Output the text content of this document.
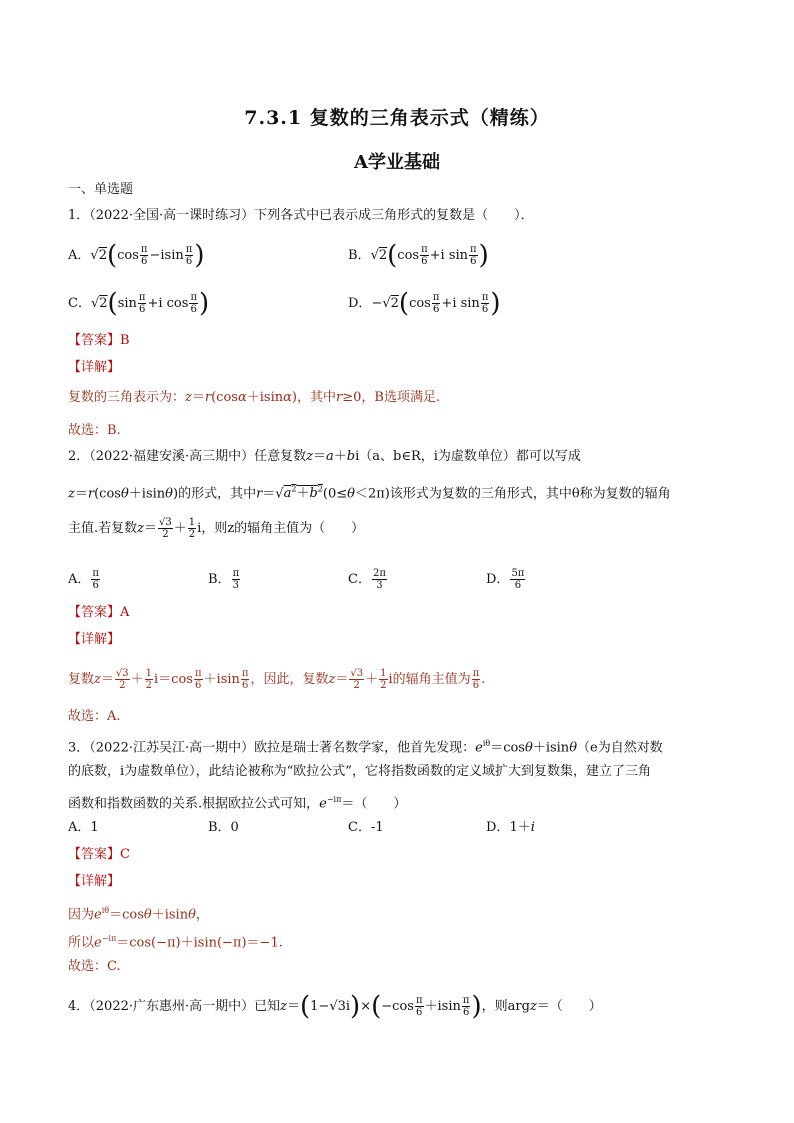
7.3.1 复数的三角表示式（精练）
A学业基础
一、单选题
1．（2022·全国·高一课时练习）下列各式中已表示成三角形式的复数是（　　）．
A．$√2(\cos \frac{\pi}{6} -isin \frac{\pi}{6}$ )	B．$√2(\cos \frac{\pi}{6} +i$ $\sin \frac{\pi}{6}$ )
C．$√2(\sin \frac{\pi}{6} +i$ $\cos \frac{\pi}{6}$ )	D．$-√2(\cos \frac{\pi}{6} +i$ $\sin \frac{\pi}{6}$ )
【答案】B
【详解】
复数的三角表示为：z＝r(cosα＋isinα)，其中r≥0，B选项满足.
故选：B.
2．（2022·福建安溪·高三期中）任意复数z＝a＋bi（a、b∈R，i为虚数单位）都可以写成
z＝r(cosθ＋isinθ)的形式，其中$r=√a^2+b^2(0\le\theta<2\pi)$该形式为复数的三角形式，其中θ称为复数的辐角
主值.若复数$z= \frac{√3}{2} + \frac{1}{2}$ i，则z的辐角主值为（　　）
A． $\frac{\pi}{6}$	B． $\frac{\pi}{3}$	C． $\frac{2\pi}{3}$	D． $\frac{5\pi}{6}$
【答案】A
【详解】
复数$z= \frac{√3}{2} + \frac{1}{2} i=\cos \frac{\pi}{6} +isin \frac{\pi}{6}$ ，因此，复数$z= \frac{√3}{2} + \frac{1}{2}$ i的辐角主值为 $\frac{\pi}{6}$ .
故选：A.
3．（2022·江苏吴江·高一期中）欧拉是瑞士著名数学家，他首先发现：$e^{i\theta}=\cos\theta+isin\theta(e$为自然对数
的底数，i为虚数单位），此结论被称为“欧拉公式”，它将指数函数的定义域扩大到复数集，建立了三角
函数和指数函数的关系.根据欧拉公式可知，$e^{-i\pi}=$（　　）
A．1	B．0	C．-1	D．1＋i
【答案】C
【详解】
因为$e^{i\theta}=\cos\theta+isin\theta$，
所以$e^{-i\pi}=\cos(-\pi)+isin(-\pi)=-1$.
故选：C.
4．（2022·广东惠州·高一期中）已知$z=(1-√3i)\times(-\cos \frac{\pi}{6} +isin \frac{\pi}{6}$ )，则argz＝（　　）
